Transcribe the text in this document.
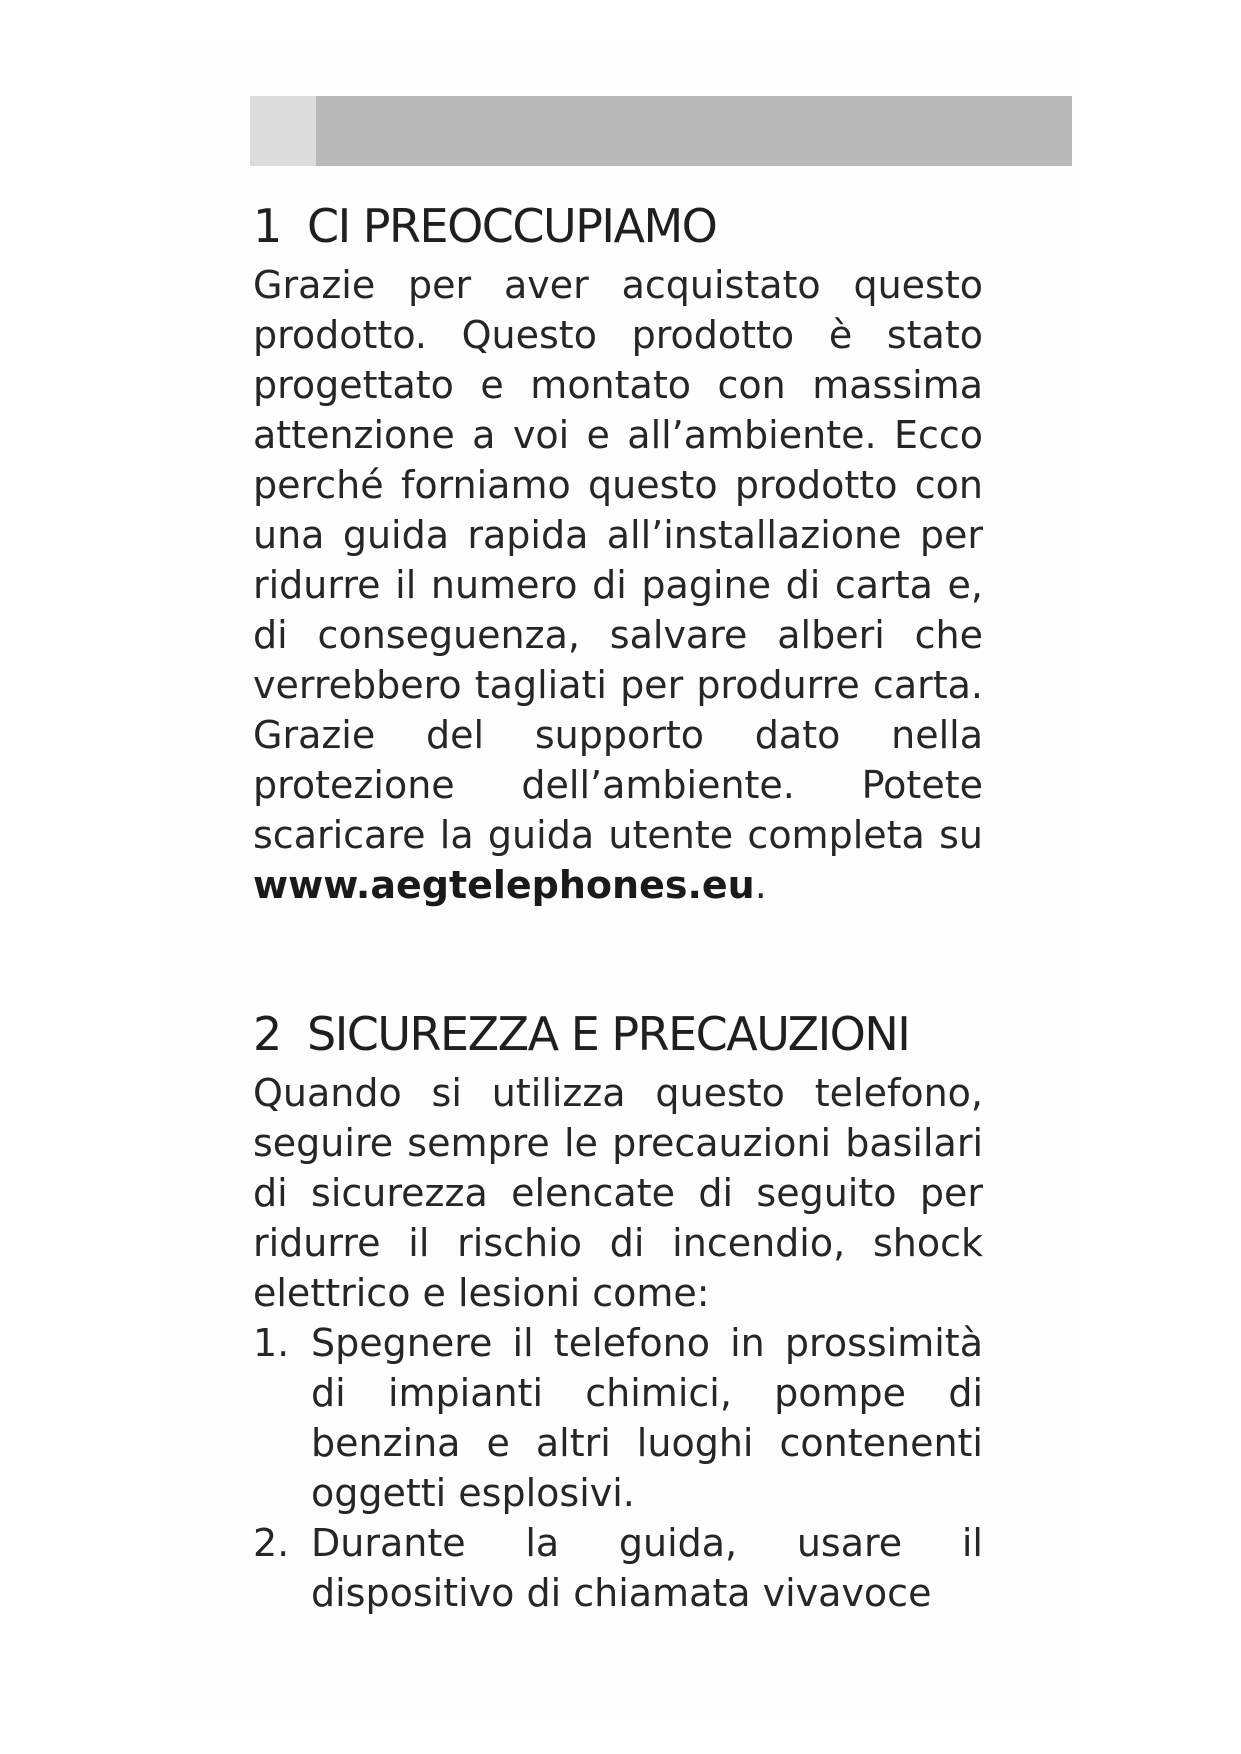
1 CI PREOCCUPIAMO

Grazie per aver acquistato questo prodotto. Questo prodotto è stato progettato e montato con massima attenzione a voi e all’ambiente. Ecco perché forniamo questo prodotto con una guida rapida all’installazione per ridurre il numero di pagine di carta e, di conseguenza, salvare alberi che verrebbero tagliati per produrre carta. Grazie del supporto dato nella protezione dell’ambiente. Potete scaricare la guida utente completa su www.aegtelephones.eu.

2 SICUREZZA E PRECAUZIONI

Quando si utilizza questo telefono, seguire sempre le precauzioni basilari di sicurezza elencate di seguito per ridurre il rischio di incendio, shock elettrico e lesioni come:

1. Spegnere il telefono in prossimità di impianti chimici, pompe di benzina e altri luoghi contenenti oggetti esplosivi.
2. Durante la guida, usare il dispositivo di chiamata vivavoce
